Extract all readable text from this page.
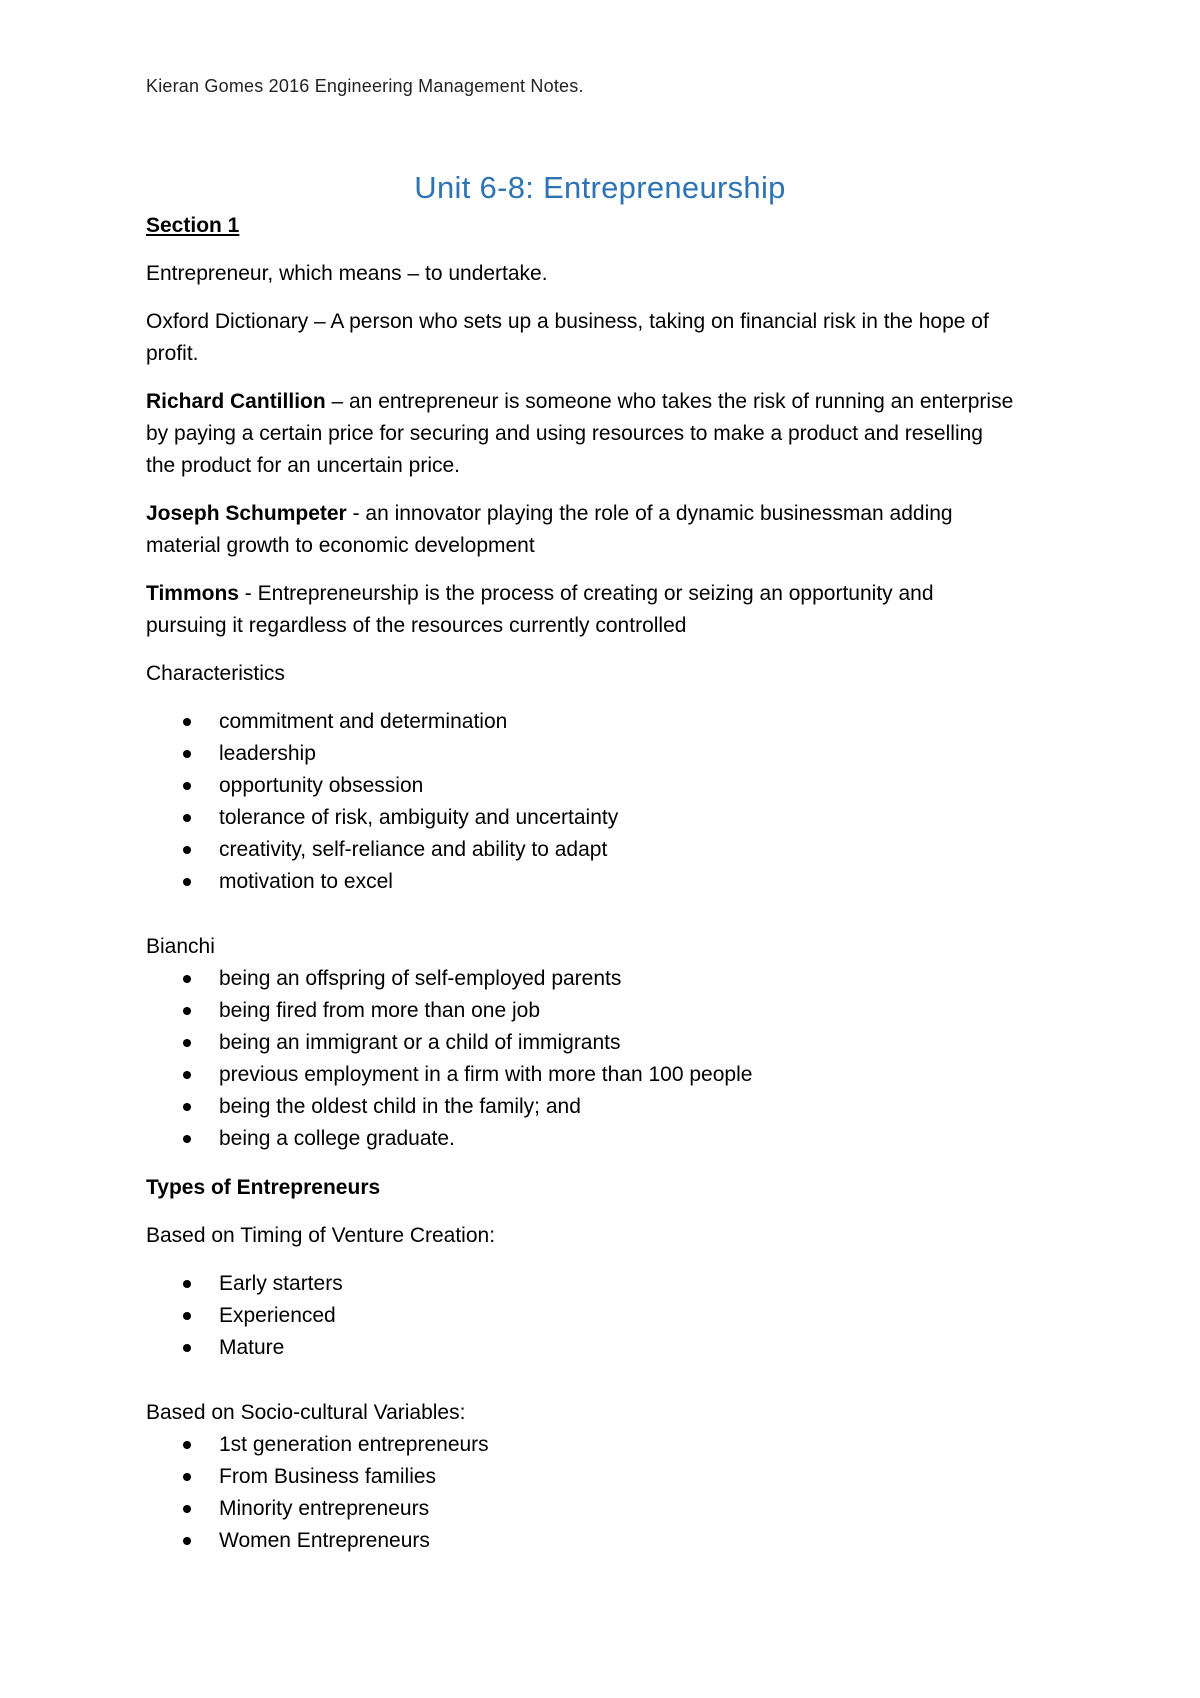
Kieran Gomes 2016 Engineering Management Notes.
Unit 6-8: Entrepreneurship
Section 1
Entrepreneur, which means – to undertake.
Oxford Dictionary – A person who sets up a business, taking on financial risk in the hope of
profit.
Richard Cantillion – an entrepreneur is someone who takes the risk of running an enterprise
by paying a certain price for securing and using resources to make a product and reselling
the product for an uncertain price.
Joseph Schumpeter - an innovator playing the role of a dynamic businessman adding
material growth to economic development
Timmons - Entrepreneurship is the process of creating or seizing an opportunity and
pursuing it regardless of the resources currently controlled
Characteristics
commitment and determination
leadership
opportunity obsession
tolerance of risk, ambiguity and uncertainty
creativity, self-reliance and ability to adapt
motivation to excel
Bianchi
being an offspring of self-employed parents
being fired from more than one job
being an immigrant or a child of immigrants
previous employment in a firm with more than 100 people
being the oldest child in the family; and
being a college graduate.
Types of Entrepreneurs
Based on Timing of Venture Creation:
Early starters
Experienced
Mature
Based on Socio-cultural Variables:
1st generation entrepreneurs
From Business families
Minority entrepreneurs
Women Entrepreneurs
